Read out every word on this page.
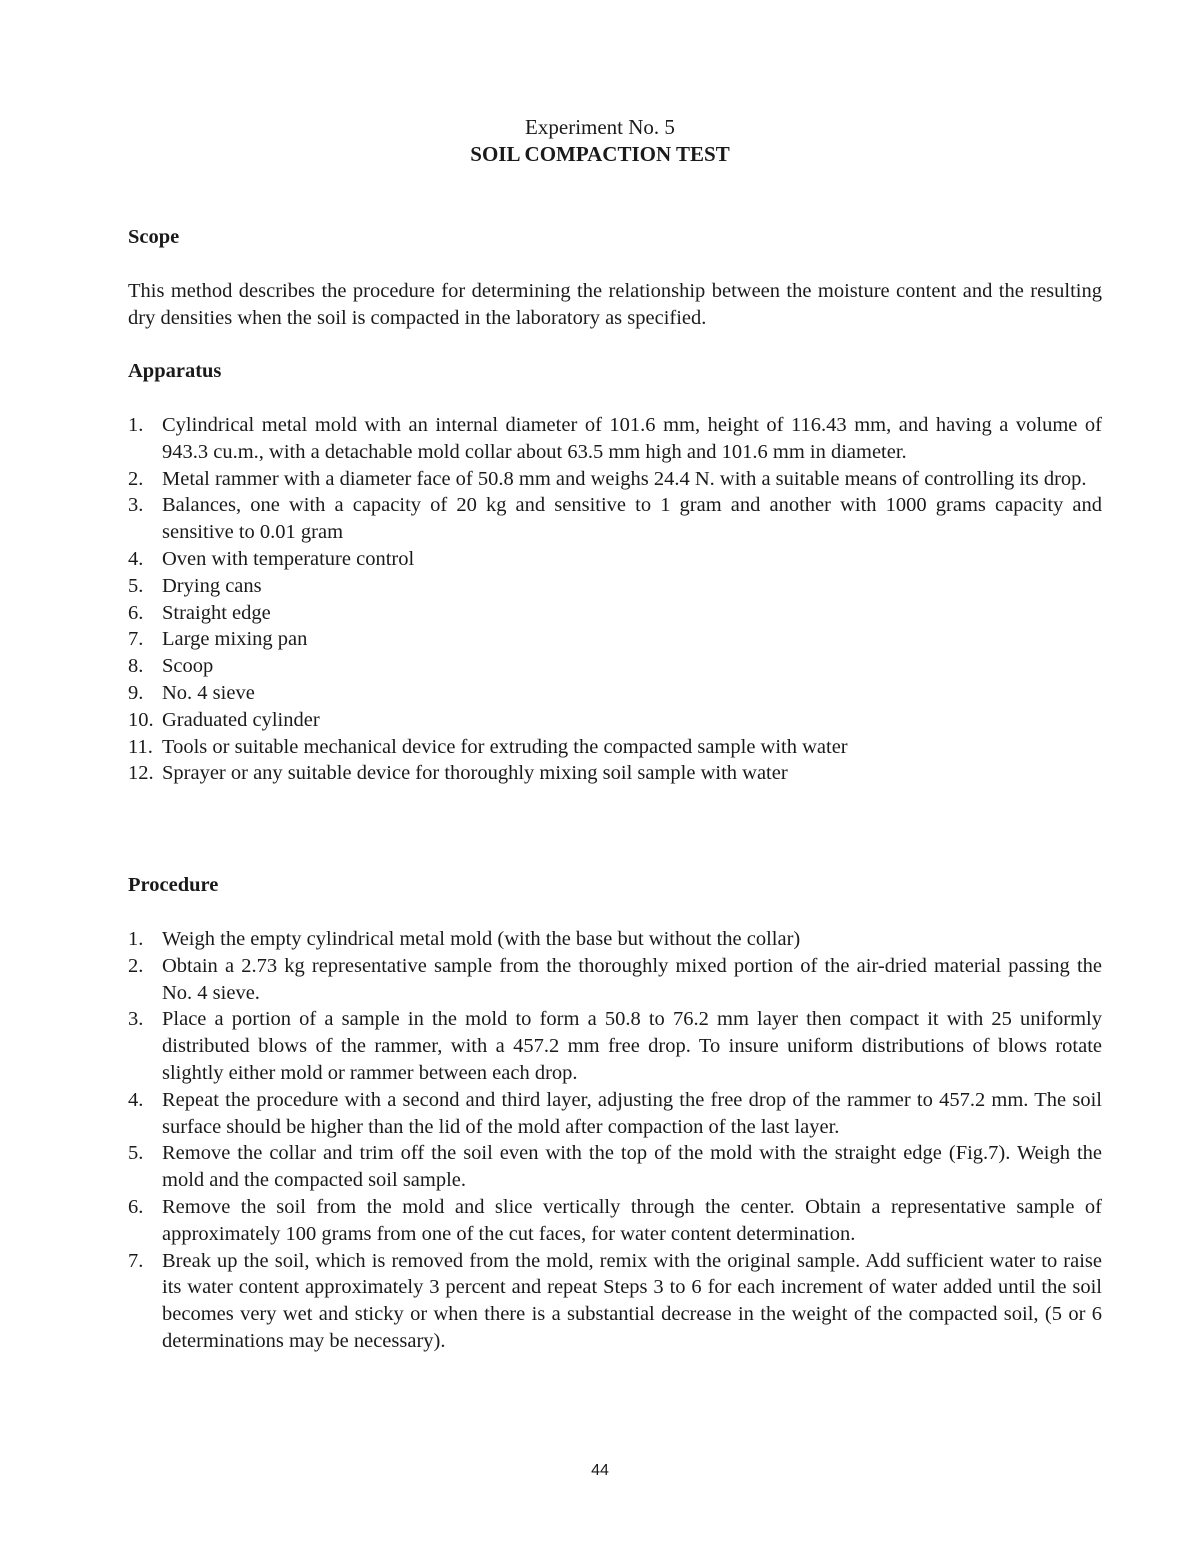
Experiment No. 5
SOIL COMPACTION TEST
Scope

This method describes the procedure for determining the relationship between the moisture content and the resulting dry densities when the soil is compacted in the laboratory as specified.

Apparatus
1. Cylindrical metal mold with an internal diameter of 101.6 mm, height of 116.43 mm, and having a volume of 943.3 cu.m., with a detachable mold collar about 63.5 mm high and 101.6 mm in diameter.
2. Metal rammer with a diameter face of 50.8 mm and weighs 24.4 N. with a suitable means of controlling its drop.
3. Balances, one with a capacity of 20 kg and sensitive to 1 gram and another with 1000 grams capacity and sensitive to 0.01 gram
4. Oven with temperature control
5. Drying cans
6. Straight edge
7. Large mixing pan
8. Scoop
9. No. 4 sieve
10. Graduated cylinder
11. Tools or suitable mechanical device for extruding the compacted sample with water
12. Sprayer or any suitable device for thoroughly mixing soil sample with water
Procedure
1. Weigh the empty cylindrical metal mold (with the base but without the collar)
2. Obtain a 2.73 kg representative sample from the thoroughly mixed portion of the air-dried material passing the No. 4 sieve.
3. Place a portion of a sample in the mold to form a 50.8 to 76.2 mm layer then compact it with 25 uniformly distributed blows of the rammer, with a 457.2 mm free drop. To insure uniform distributions of blows rotate slightly either mold or rammer between each drop.
4. Repeat the procedure with a second and third layer, adjusting the free drop of the rammer to 457.2 mm. The soil surface should be higher than the lid of the mold after compaction of the last layer.
5. Remove the collar and trim off the soil even with the top of the mold with the straight edge (Fig.7). Weigh the mold and the compacted soil sample.
6. Remove the soil from the mold and slice vertically through the center. Obtain a representative sample of approximately 100 grams from one of the cut faces, for water content determination.
7. Break up the soil, which is removed from the mold, remix with the original sample. Add sufficient water to raise its water content approximately 3 percent and repeat Steps 3 to 6 for each increment of water added until the soil becomes very wet and sticky or when there is a substantial decrease in the weight of the compacted soil, (5 or 6 determinations may be necessary).
44
